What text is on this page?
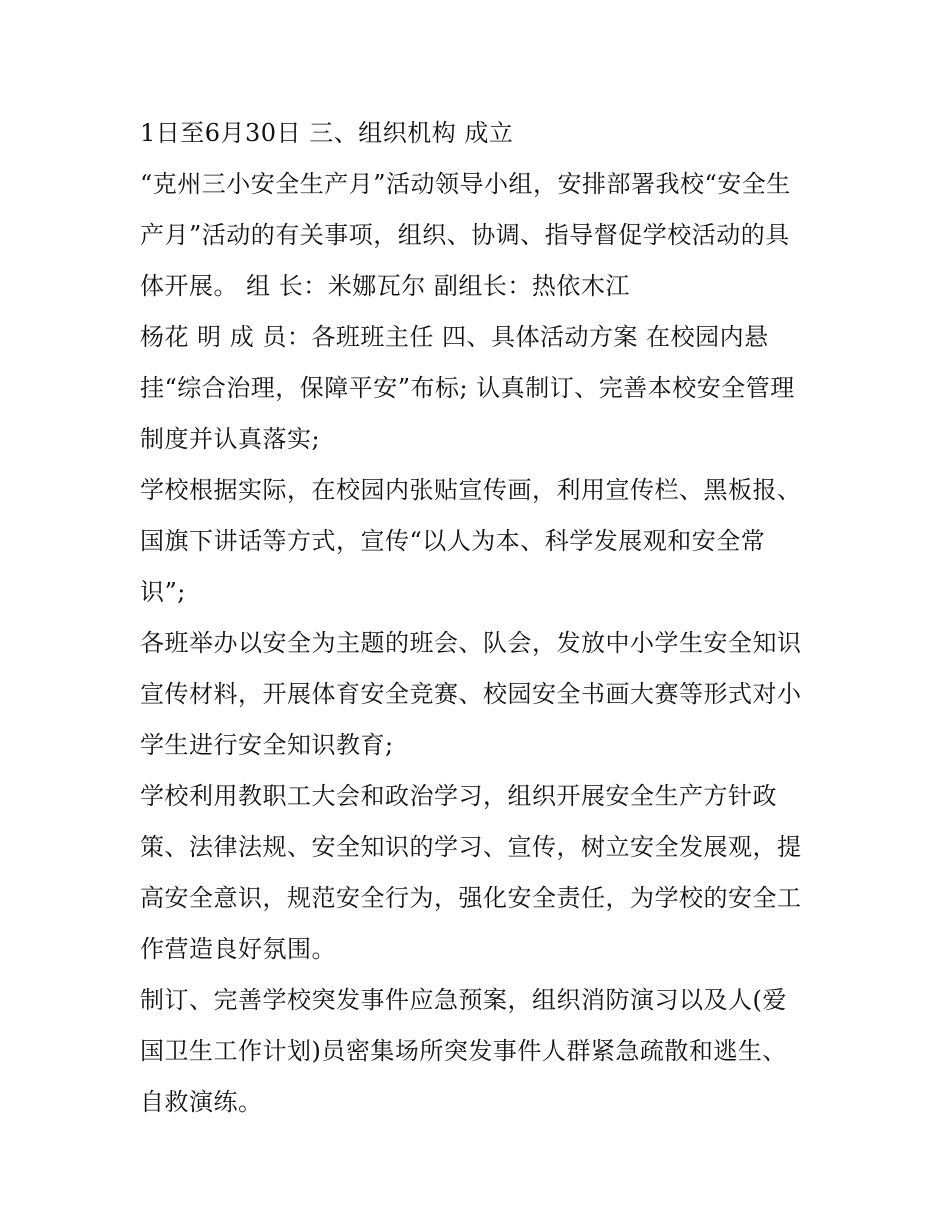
1日至6月30日 三、组织机构 成立
“克州三小安全生产月”活动领导小组，安排部署我校“安全生
产月”活动的有关事项，组织、协调、指导督促学校活动的具
体开展。 组 长：米娜瓦尔 副组长：热依木江
杨花 明 成 员：各班班主任 四、具体活动方案 在校园内悬
挂“综合治理，保障平安”布标; 认真制订、完善本校安全管理
制度并认真落实;
学校根据实际，在校园内张贴宣传画，利用宣传栏、黑板报、
国旗下讲话等方式，宣传“以人为本、科学发展观和安全常
识”;
各班举办以安全为主题的班会、队会，发放中小学生安全知识
宣传材料，开展体育安全竞赛、校园安全书画大赛等形式对小
学生进行安全知识教育;
学校利用教职工大会和政治学习，组织开展安全生产方针政
策、法律法规、安全知识的学习、宣传，树立安全发展观，提
高安全意识，规范安全行为，强化安全责任，为学校的安全工
作营造良好氛围。
制订、完善学校突发事件应急预案，组织消防演习以及人(爱
国卫生工作计划)员密集场所突发事件人群紧急疏散和逃生、
自救演练。
